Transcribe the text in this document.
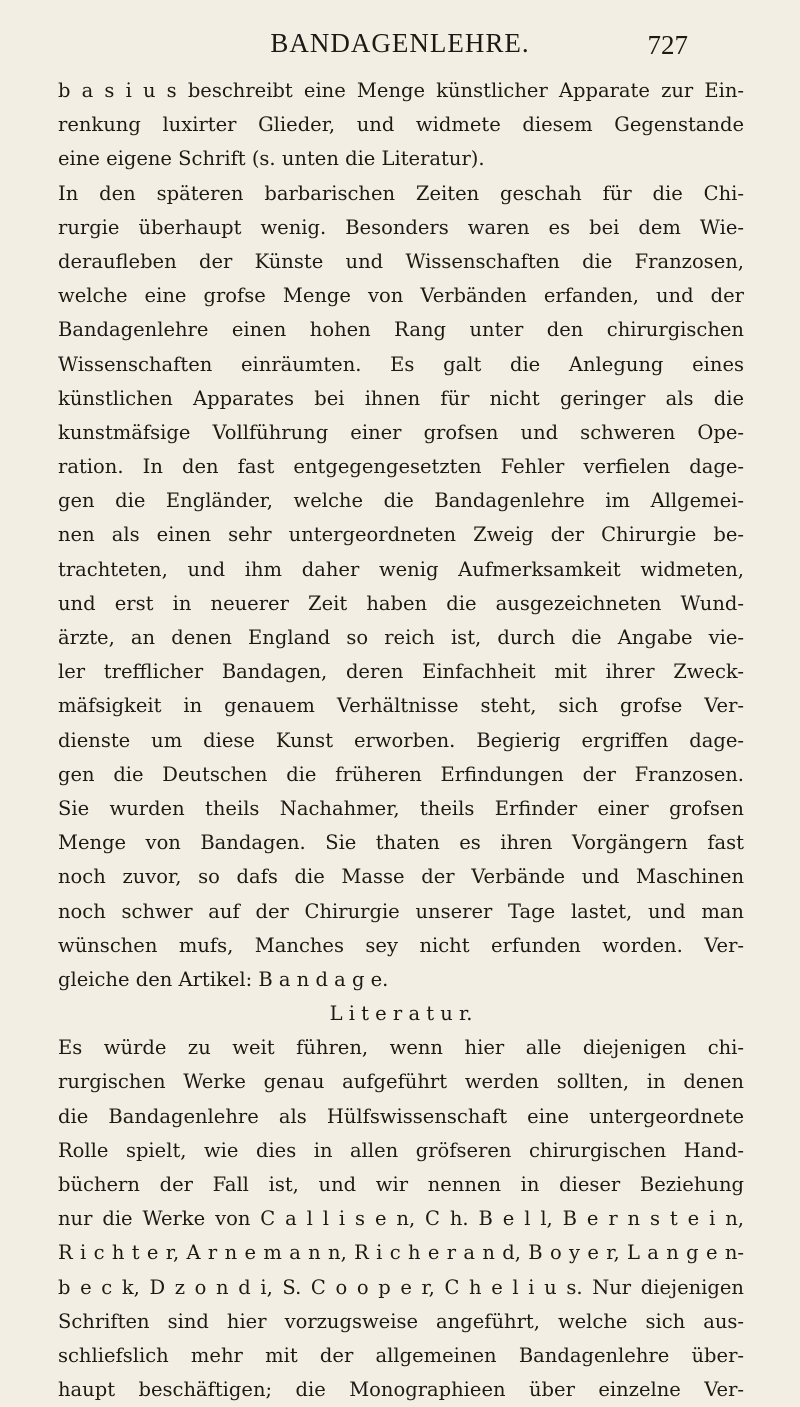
BANDAGENLEHRE.	727
b a s i u s beschreibt eine Menge künstlicher Apparate zur Ein-
renkung luxirter Glieder, und widmete diesem Gegenstande
eine eigene Schrift (s. unten die Literatur).
In den späteren barbarischen Zeiten geschah für die Chi-
rurgie überhaupt wenig. Besonders waren es bei dem Wie-
deraufleben der Künste und Wissenschaften die Franzosen,
welche eine grofse Menge von Verbänden erfanden, und der
Bandagenlehre einen hohen Rang unter den chirurgischen
Wissenschaften einräumten. Es galt die Anlegung eines
künstlichen Apparates bei ihnen für nicht geringer als die
kunstmäfsige Vollführung einer grofsen und schweren Ope-
ration. In den fast entgegengesetzten Fehler verfielen dage-
gen die Engländer, welche die Bandagenlehre im Allgemei-
nen als einen sehr untergeordneten Zweig der Chirurgie be-
trachteten, und ihm daher wenig Aufmerksamkeit widmeten,
und erst in neuerer Zeit haben die ausgezeichneten Wund-
ärzte, an denen England so reich ist, durch die Angabe vie-
ler trefflicher Bandagen, deren Einfachheit mit ihrer Zweck-
mäfsigkeit in genauem Verhältnisse steht, sich grofse Ver-
dienste um diese Kunst erworben. Begierig ergriffen dage-
gen die Deutschen die früheren Erfindungen der Franzosen.
Sie wurden theils Nachahmer, theils Erfinder einer grofsen
Menge von Bandagen. Sie thaten es ihren Vorgängern fast
noch zuvor, so dafs die Masse der Verbände und Maschinen
noch schwer auf der Chirurgie unserer Tage lastet, und man
wünschen mufs, Manches sey nicht erfunden worden. Ver-
gleiche den Artikel: B a n d a g e.
L i t e r a t u r.
Es würde zu weit führen, wenn hier alle diejenigen chi-
rurgischen Werke genau aufgeführt werden sollten, in denen
die Bandagenlehre als Hülfswissenschaft eine untergeordnete
Rolle spielt, wie dies in allen gröfseren chirurgischen Hand-
büchern der Fall ist, und wir nennen in dieser Beziehung
nur die Werke von C a l l i s e n, C h. B e l l, B e r n s t e i n,
R i c h t e r, A r n e m a n n, R i c h e r a n d, B o y e r, L a n g e n-
b e c k, D z o n d i, S. C o o p e r, C h e l i u s. Nur diejenigen
Schriften sind hier vorzugsweise angeführt, welche sich aus-
schliefslich mehr mit der allgemeinen Bandagenlehre über-
haupt beschäftigen; die Monographieen über einzelne Ver-
